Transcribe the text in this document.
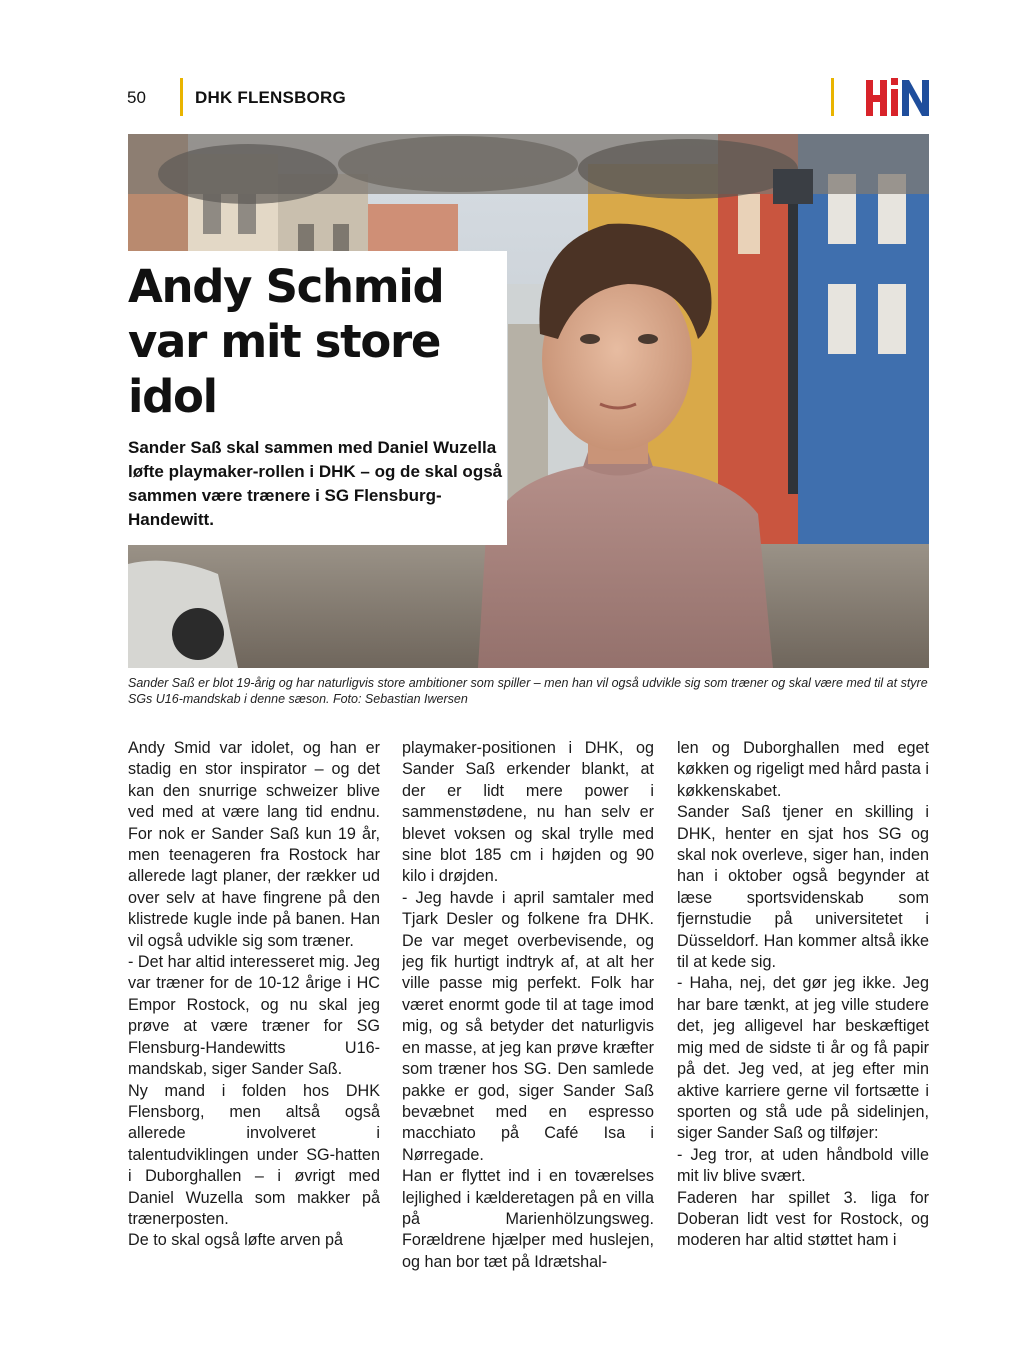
50	DHK FLENSBORG
Andy Schmid var mit store idol

Sander Saß skal sammen med Daniel Wuzella løfte playmaker-rollen i DHK – og de skal også sammen være trænere i SG Flensburg-Handewitt.

Sander Saß er blot 19-årig og har naturligvis store ambitioner som spiller – men han vil også udvikle sig som træner og skal være med til at styre SGs U16-mandskab i denne sæson. Foto: Sebastian Iwersen

Andy Smid var idolet, og han er stadig en stor inspirator – og det kan den snurrige schweizer blive ved med at være lang tid endnu. For nok er Sander Saß kun 19 år, men teenageren fra Rostock har allerede lagt planer, der rækker ud over selv at have fingrene på den klistrede kugle inde på banen. Han vil også udvikle sig som træner.

- Det har altid interesseret mig. Jeg var træner for de 10-12 årige i HC Empor Rostock, og nu skal jeg prøve at være træner for SG Flensburg-Handewitts U16-mandskab, siger Sander Saß.

Ny mand i folden hos DHK Flensborg, men altså også allerede involveret i talentudviklingen under SG-hatten i Duborghallen – i øvrigt med Daniel Wuzella som makker på trænerposten.

De to skal også løfte arven på

playmaker-positionen i DHK, og Sander Saß erkender blankt, at der er lidt mere power i sammenstødene, nu han selv er blevet voksen og skal trylle med sine blot 185 cm i højden og 90 kilo i drøjden.

- Jeg havde i april samtaler med Tjark Desler og folkene fra DHK. De var meget overbevisende, og jeg fik hurtigt indtryk af, at alt her ville passe mig perfekt. Folk har været enormt gode til at tage imod mig, og så betyder det naturligvis en masse, at jeg kan prøve kræfter som træner hos SG. Den samlede pakke er god, siger Sander Saß bevæbnet med en espresso macchiato på Café Isa i Nørregade.

Han er flyttet ind i en toværelses lejlighed i kælderetagen på en villa på Marienhölzungsweg. Forældrene hjælper med huslejen, og han bor tæt på Idrætshal-

len og Duborghallen med eget køkken og rigeligt med hård pasta i køkkenskabet.

Sander Saß tjener en skilling i DHK, henter en sjat hos SG og skal nok overleve, siger han, inden han i oktober også begynder at læse sportsvidenskab som fjernstudie på universitetet i Düsseldorf. Han kommer altså ikke til at kede sig.

- Haha, nej, det gør jeg ikke. Jeg har bare tænkt, at jeg ville studere det, jeg alligevel har beskæftiget mig med de sidste ti år og få papir på det. Jeg ved, at jeg efter min aktive karriere gerne vil fortsætte i sporten og stå ude på sidelinjen, siger Sander Saß og tilføjer:

- Jeg tror, at uden håndbold ville mit liv blive svært.

Faderen har spillet 3. liga for Doberan lidt vest for Rostock, og moderen har altid støttet ham i
